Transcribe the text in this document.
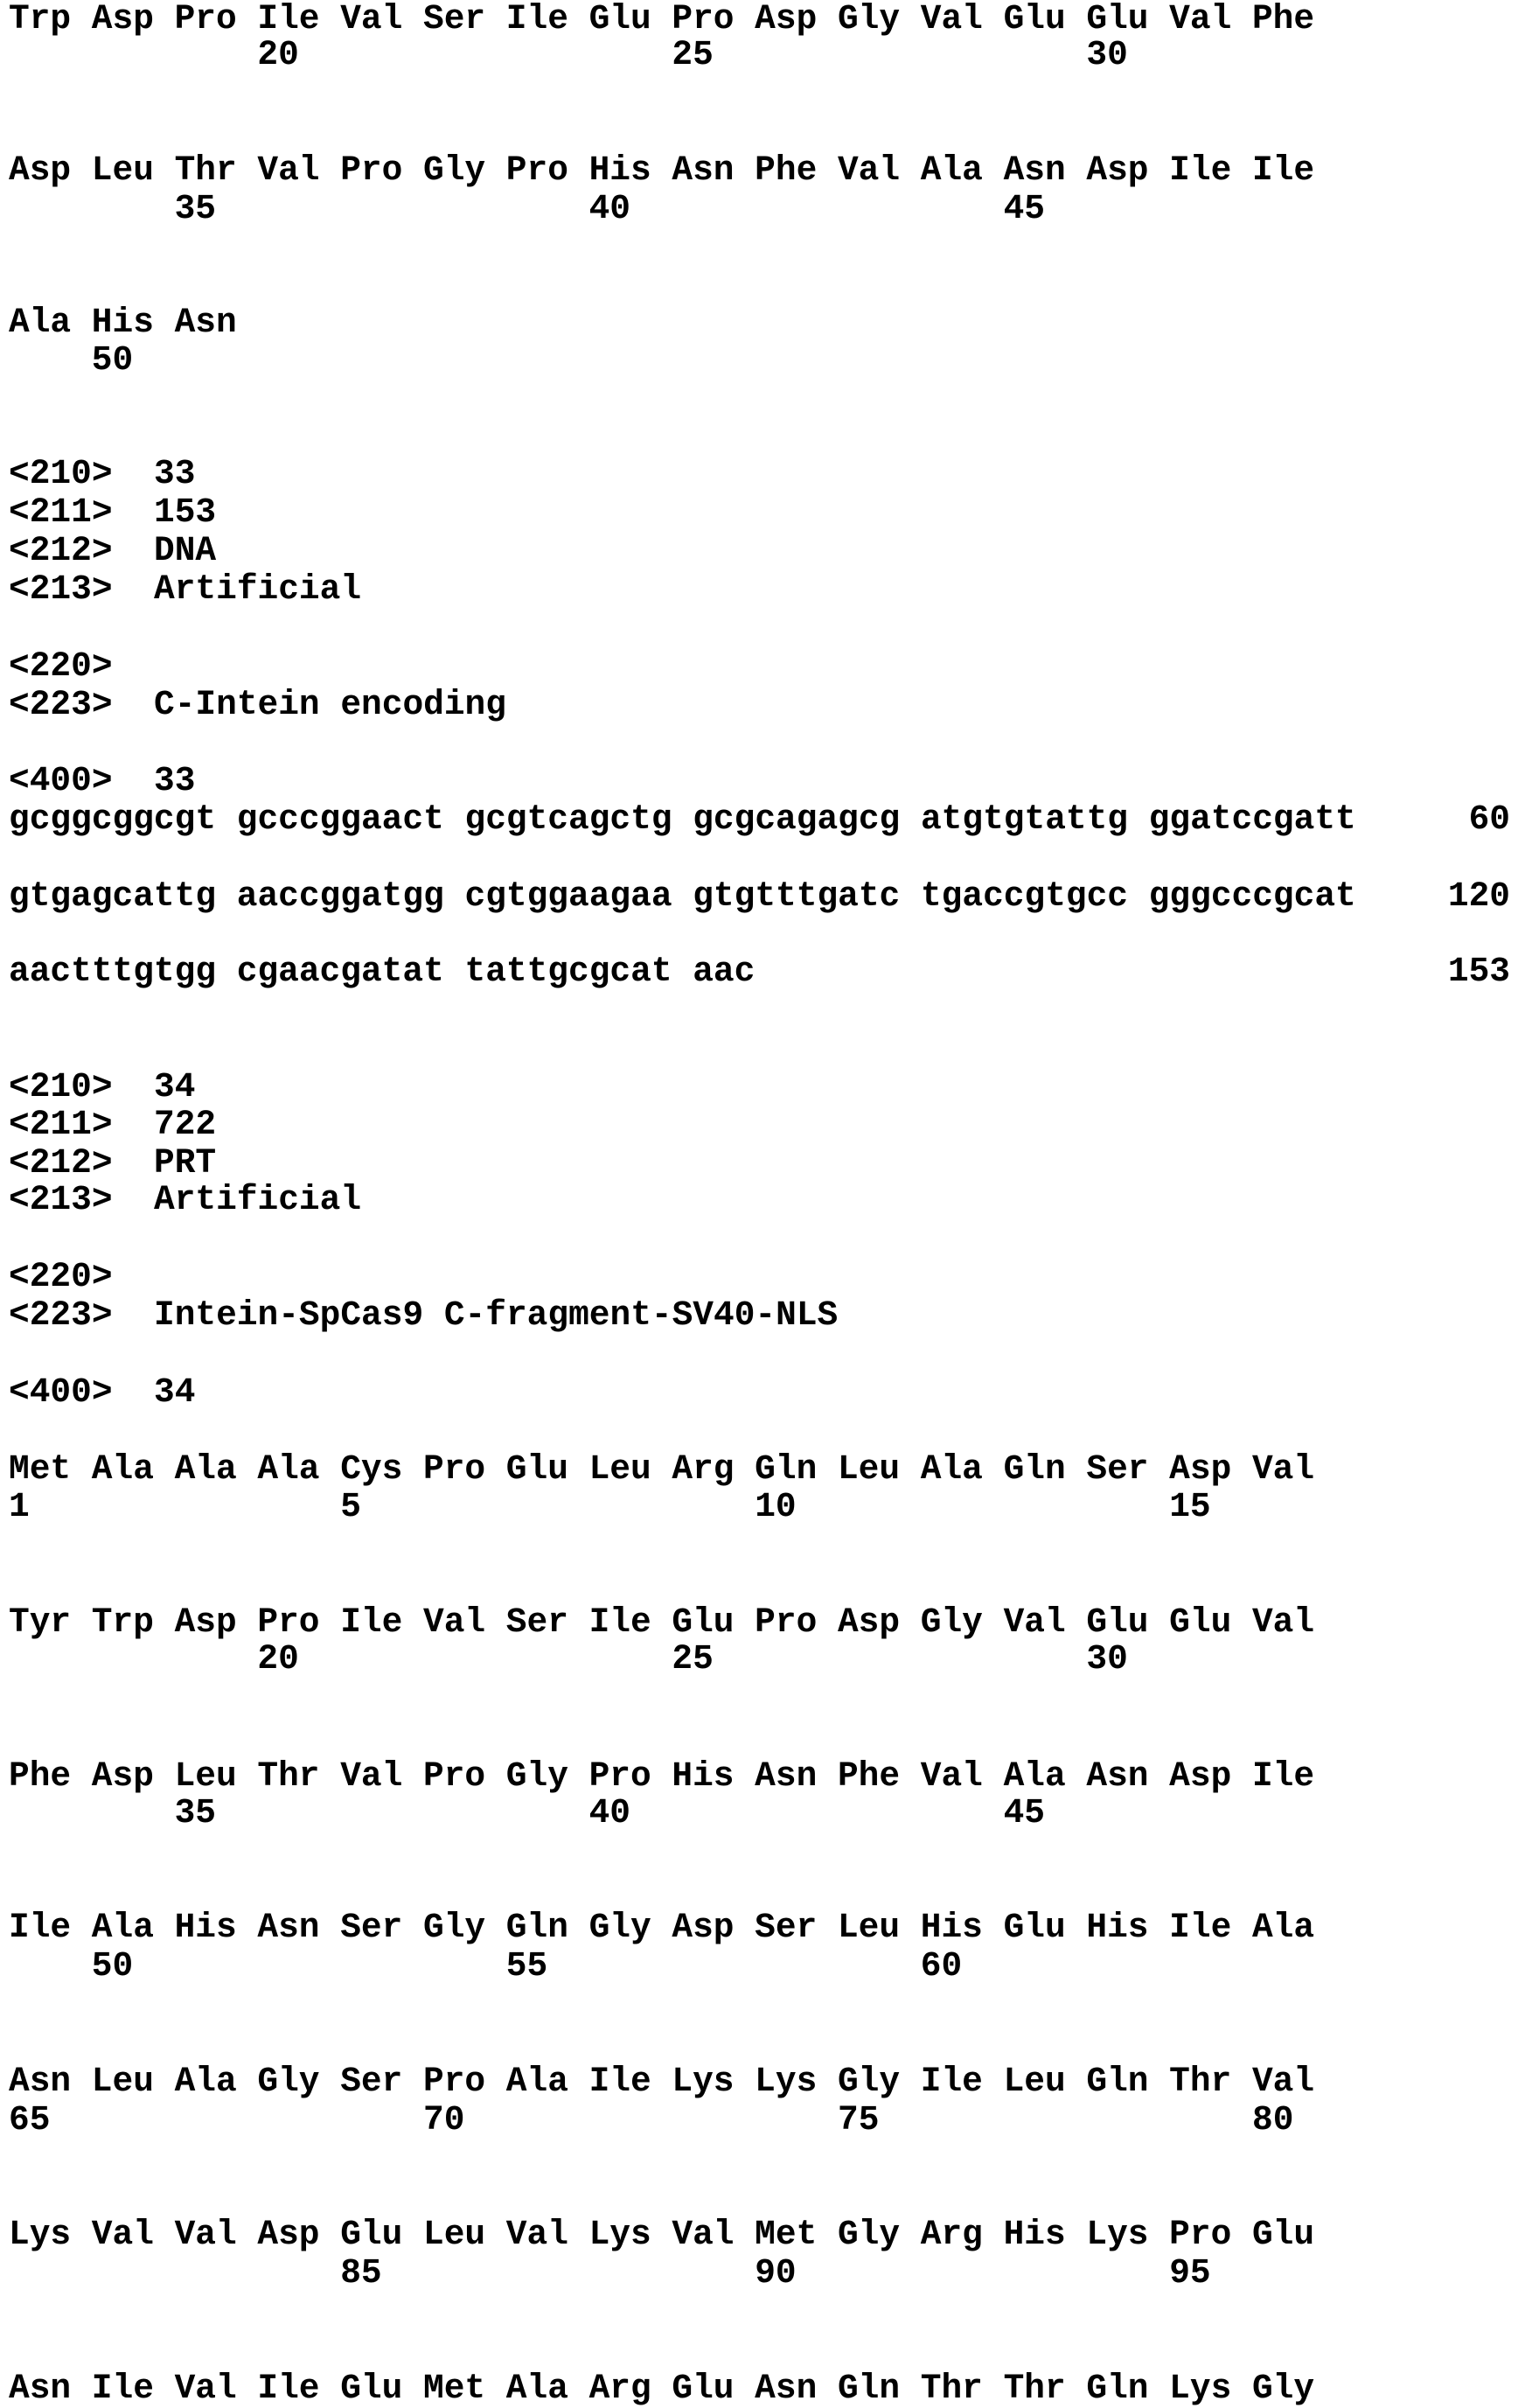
Trp Asp Pro Ile Val Ser Ile Glu Pro Asp Gly Val Glu Glu Val Phe
20	25	30
Asp Leu Thr Val Pro Gly Pro His Asn Phe Val Ala Asn Asp Ile Ile
35	40	45
Ala His Asn
50
<210> 33
<211> 153
<212> DNA
<213> Artificial
<220>
<223> C-Intein encoding
<400> 33
gcggcggcgt gcccggaact gcgtcagctg gcgcagagcg atgtgtattg ggatccgatt	60
gtgagcattg aaccggatgg cgtggaagaa gtgtttgatc tgaccgtgcc gggcccgcat	120
aactttgtgg cgaacgatat tattgcgcat aac	153
<210> 34
<211> 722
<212> PRT
<213> Artificial
<220>
<223> Intein-SpCas9 C-fragment-SV40-NLS
<400> 34
Met Ala Ala Ala Cys Pro Glu Leu Arg Gln Leu Ala Gln Ser Asp Val
1	5	10	15
Tyr Trp Asp Pro Ile Val Ser Ile Glu Pro Asp Gly Val Glu Glu Val
20	25	30
Phe Asp Leu Thr Val Pro Gly Pro His Asn Phe Val Ala Asn Asp Ile
35	40	45
Ile Ala His Asn Ser Gly Gln Gly Asp Ser Leu His Glu His Ile Ala
50	55	60
Asn Leu Ala Gly Ser Pro Ala Ile Lys Lys Gly Ile Leu Gln Thr Val
65	70	75	80
Lys Val Val Asp Glu Leu Val Lys Val Met Gly Arg His Lys Pro Glu
85	90	95
Asn Ile Val Ile Glu Met Ala Arg Glu Asn Gln Thr Thr Gln Lys Gly
